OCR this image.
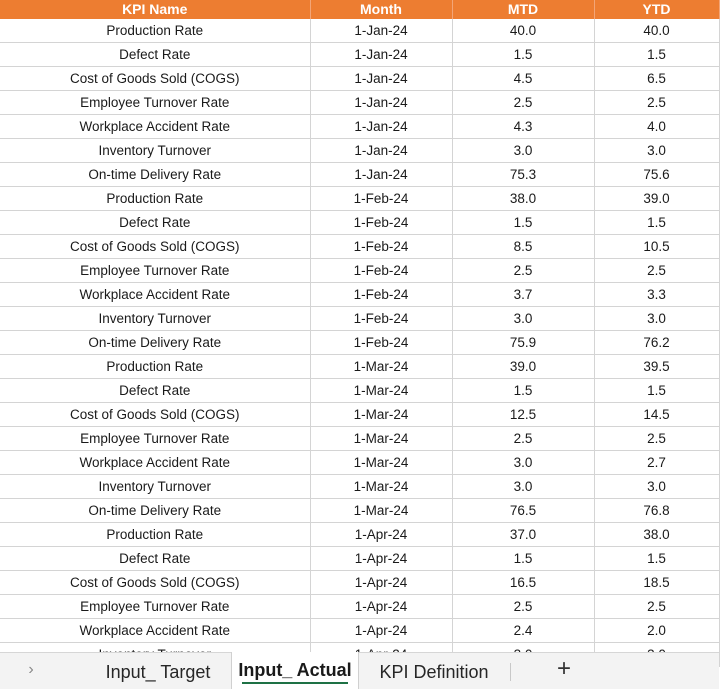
KPI Name	Month	MTD	YTD
Production Rate	1-Jan-24	40.0	40.0
Defect Rate	1-Jan-24	1.5	1.5
Cost of Goods Sold (COGS)	1-Jan-24	4.5	6.5
Employee Turnover Rate	1-Jan-24	2.5	2.5
Workplace Accident Rate	1-Jan-24	4.3	4.0
Inventory Turnover	1-Jan-24	3.0	3.0
On-time Delivery Rate	1-Jan-24	75.3	75.6
Production Rate	1-Feb-24	38.0	39.0
Defect Rate	1-Feb-24	1.5	1.5
Cost of Goods Sold (COGS)	1-Feb-24	8.5	10.5
Employee Turnover Rate	1-Feb-24	2.5	2.5
Workplace Accident Rate	1-Feb-24	3.7	3.3
Inventory Turnover	1-Feb-24	3.0	3.0
On-time Delivery Rate	1-Feb-24	75.9	76.2
Production Rate	1-Mar-24	39.0	39.5
Defect Rate	1-Mar-24	1.5	1.5
Cost of Goods Sold (COGS)	1-Mar-24	12.5	14.5
Employee Turnover Rate	1-Mar-24	2.5	2.5
Workplace Accident Rate	1-Mar-24	3.0	2.7
Inventory Turnover	1-Mar-24	3.0	3.0
On-time Delivery Rate	1-Mar-24	76.5	76.8
Production Rate	1-Apr-24	37.0	38.0
Defect Rate	1-Apr-24	1.5	1.5
Cost of Goods Sold (COGS)	1-Apr-24	16.5	18.5
Employee Turnover Rate	1-Apr-24	2.5	2.5
Workplace Accident Rate	1-Apr-24	2.4	2.0

›	Input_ Target	Input_ Actual	KPI Definition	+
